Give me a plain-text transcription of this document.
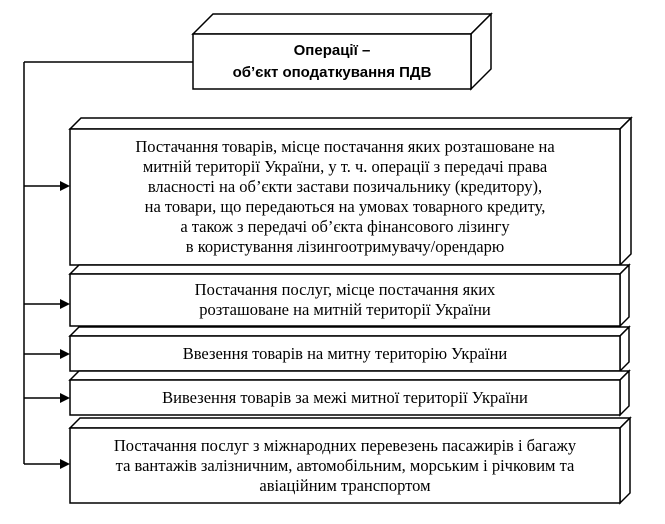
Операції –
об’єкт оподаткування ПДВ
Постачання товарів, місце постачання яких розташоване на
митній території України, у т. ч. операції з передачі права
власності на об’єкти застави позичальнику (кредитору),
на товари, що передаються на умовах товарного кредиту,
а також з передачі об’єкта фінансового лізингу
в користування лізингоотримувачу/орендарю
Постачання послуг, місце постачання яких
розташоване на митній території України
Ввезення товарів на митну територію України
Вивезення товарів за межі митної території України
Постачання послуг з міжнародних перевезень пасажирів і багажу
та вантажів залізничним, автомобільним, морським і річковим та
авіаційним транспортом
